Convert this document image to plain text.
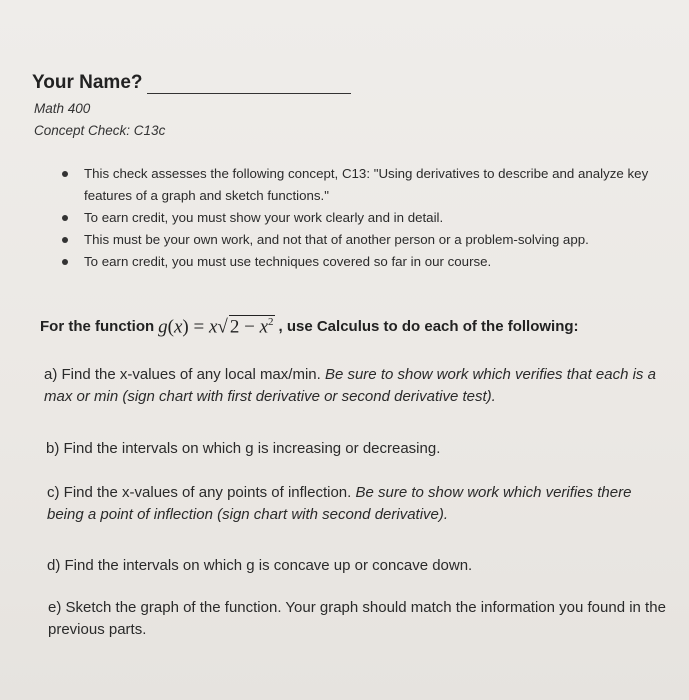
Your Name?
Math 400
Concept Check: C13c
This check assesses the following concept, C13: "Using derivatives to describe and analyze key features of a graph and sketch functions."
To earn credit, you must show your work clearly and in detail.
This must be your own work, and not that of another person or a problem-solving app.
To earn credit, you must use techniques covered so far in our course.
For the function g(x) = x√ $2 - x^2$ , use Calculus to do each of the following:
a) Find the x-values of any local max/min. Be sure to show work which verifies that each is a max or min (sign chart with first derivative or second derivative test).
b) Find the intervals on which g is increasing or decreasing.
c) Find the x-values of any points of inflection. Be sure to show work which verifies there being a point of inflection (sign chart with second derivative).
d) Find the intervals on which g is concave up or concave down.
e) Sketch the graph of the function. Your graph should match the information you found in the previous parts.
